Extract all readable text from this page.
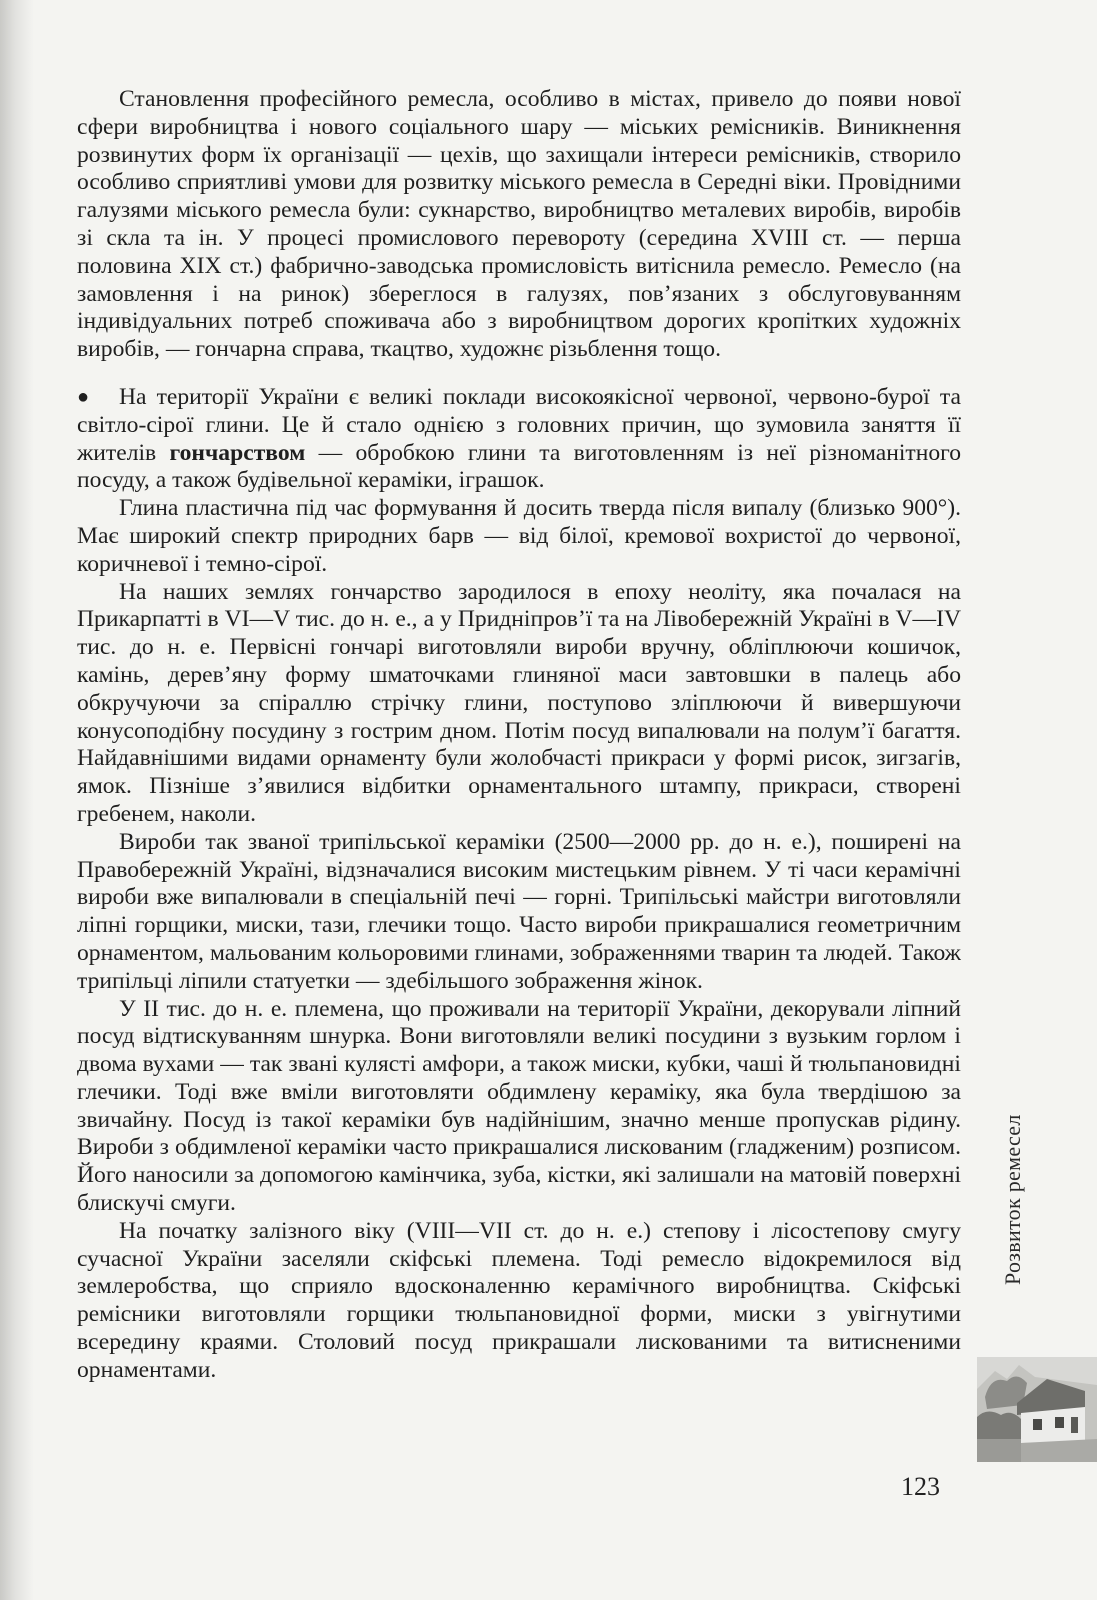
Становлення професійного ремесла, особливо в містах, привело до появи нової сфери виробництва і нового соціального шару — міських ремісників. Виникнення розвинутих форм їх організації — цехів, що захищали інтереси ремісників, створило особливо сприятливі умови для розвитку міського ремесла в Середні віки. Провідними галузями міського ремесла були: сукнарство, виробництво металевих виробів, виробів зі скла та ін. У процесі промислового перевороту (середина XVIII ст. — перша половина XIX ст.) фабрично-заводська промисловість витіснила ремесло. Ремесло (на замовлення і на ринок) збереглося в галузях, пов’язаних з обслуговуванням індивідуальних потреб споживача або з виробництвом дорогих кропітких художніх виробів, — гончарна справа, ткацтво, художнє різьблення тощо.

● На території України є великі поклади високоякісної червоної, червоно-бурої та світло-сірої глини. Це й стало однією з головних причин, що зумовила заняття її жителів гончарством — обробкою глини та виготовленням із неї різноманітного посуду, а також будівельної кераміки, іграшок.

Глина пластична під час формування й досить тверда після випалу (близько 900°). Має широкий спектр природних барв — від білої, кремової вохристої до червоної, коричневої і темно-сірої.

На наших землях гончарство зародилося в епоху неоліту, яка почалася на Прикарпатті в VI—V тис. до н. е., а у Придніпров’ї та на Лівобережній Україні в V—IV тис. до н. е. Первісні гончарі виготовляли вироби вручну, обліплюючи кошичок, камінь, дерев’яну форму шматочками глиняної маси завтовшки в палець або обкручуючи за спіраллю стрічку глини, поступово зліплюючи й вивершуючи конусоподібну посудину з гострим дном. Потім посуд випалювали на полум’ї багаття. Найдавнішими видами орнаменту були жолобчасті прикраси у формі рисок, зигзагів, ямок. Пізніше з’явилися відбитки орнаментального штампу, прикраси, створені гребенем, наколи.

Вироби так званої трипільської кераміки (2500—2000 рр. до н. е.), поширені на Правобережній Україні, відзначалися високим мистецьким рівнем. У ті часи керамічні вироби вже випалювали в спеціальній печі — горні. Трипільські майстри виготовляли ліпні горщики, миски, тази, глечики тощо. Часто вироби прикрашалися геометричним орнаментом, мальованим кольоровими глинами, зображеннями тварин та людей. Також трипільці ліпили статуетки — здебільшого зображення жінок.

У II тис. до н. е. племена, що проживали на території України, декорували ліпний посуд відтискуванням шнурка. Вони виготовляли великі посудини з вузьким горлом і двома вухами — так звані кулясті амфори, а також миски, кубки, чаші й тюльпановидні глечики. Тоді вже вміли виготовляти обдимлену кераміку, яка була твердішою за звичайну. Посуд із такої кераміки був надійнішим, значно менше пропускав рідину. Вироби з обдимленої кераміки часто прикрашалися лискованим (гладженим) розписом. Його наносили за допомогою камінчика, зуба, кістки, які залишали на матовій поверхні блискучі смуги.

На початку залізного віку (VIII—VII ст. до н. е.) степову і лісостепову смугу сучасної України заселяли скіфські племена. Тоді ремесло відокремилося від землеробства, що сприяло вдосконаленню керамічного виробництва. Скіфські ремісники виготовляли горщики тюльпановидної форми, миски з увігнутими всередину краями. Столовий посуд прикрашали лискованими та витисненими орнаментами.

Розвиток ремесел
123
